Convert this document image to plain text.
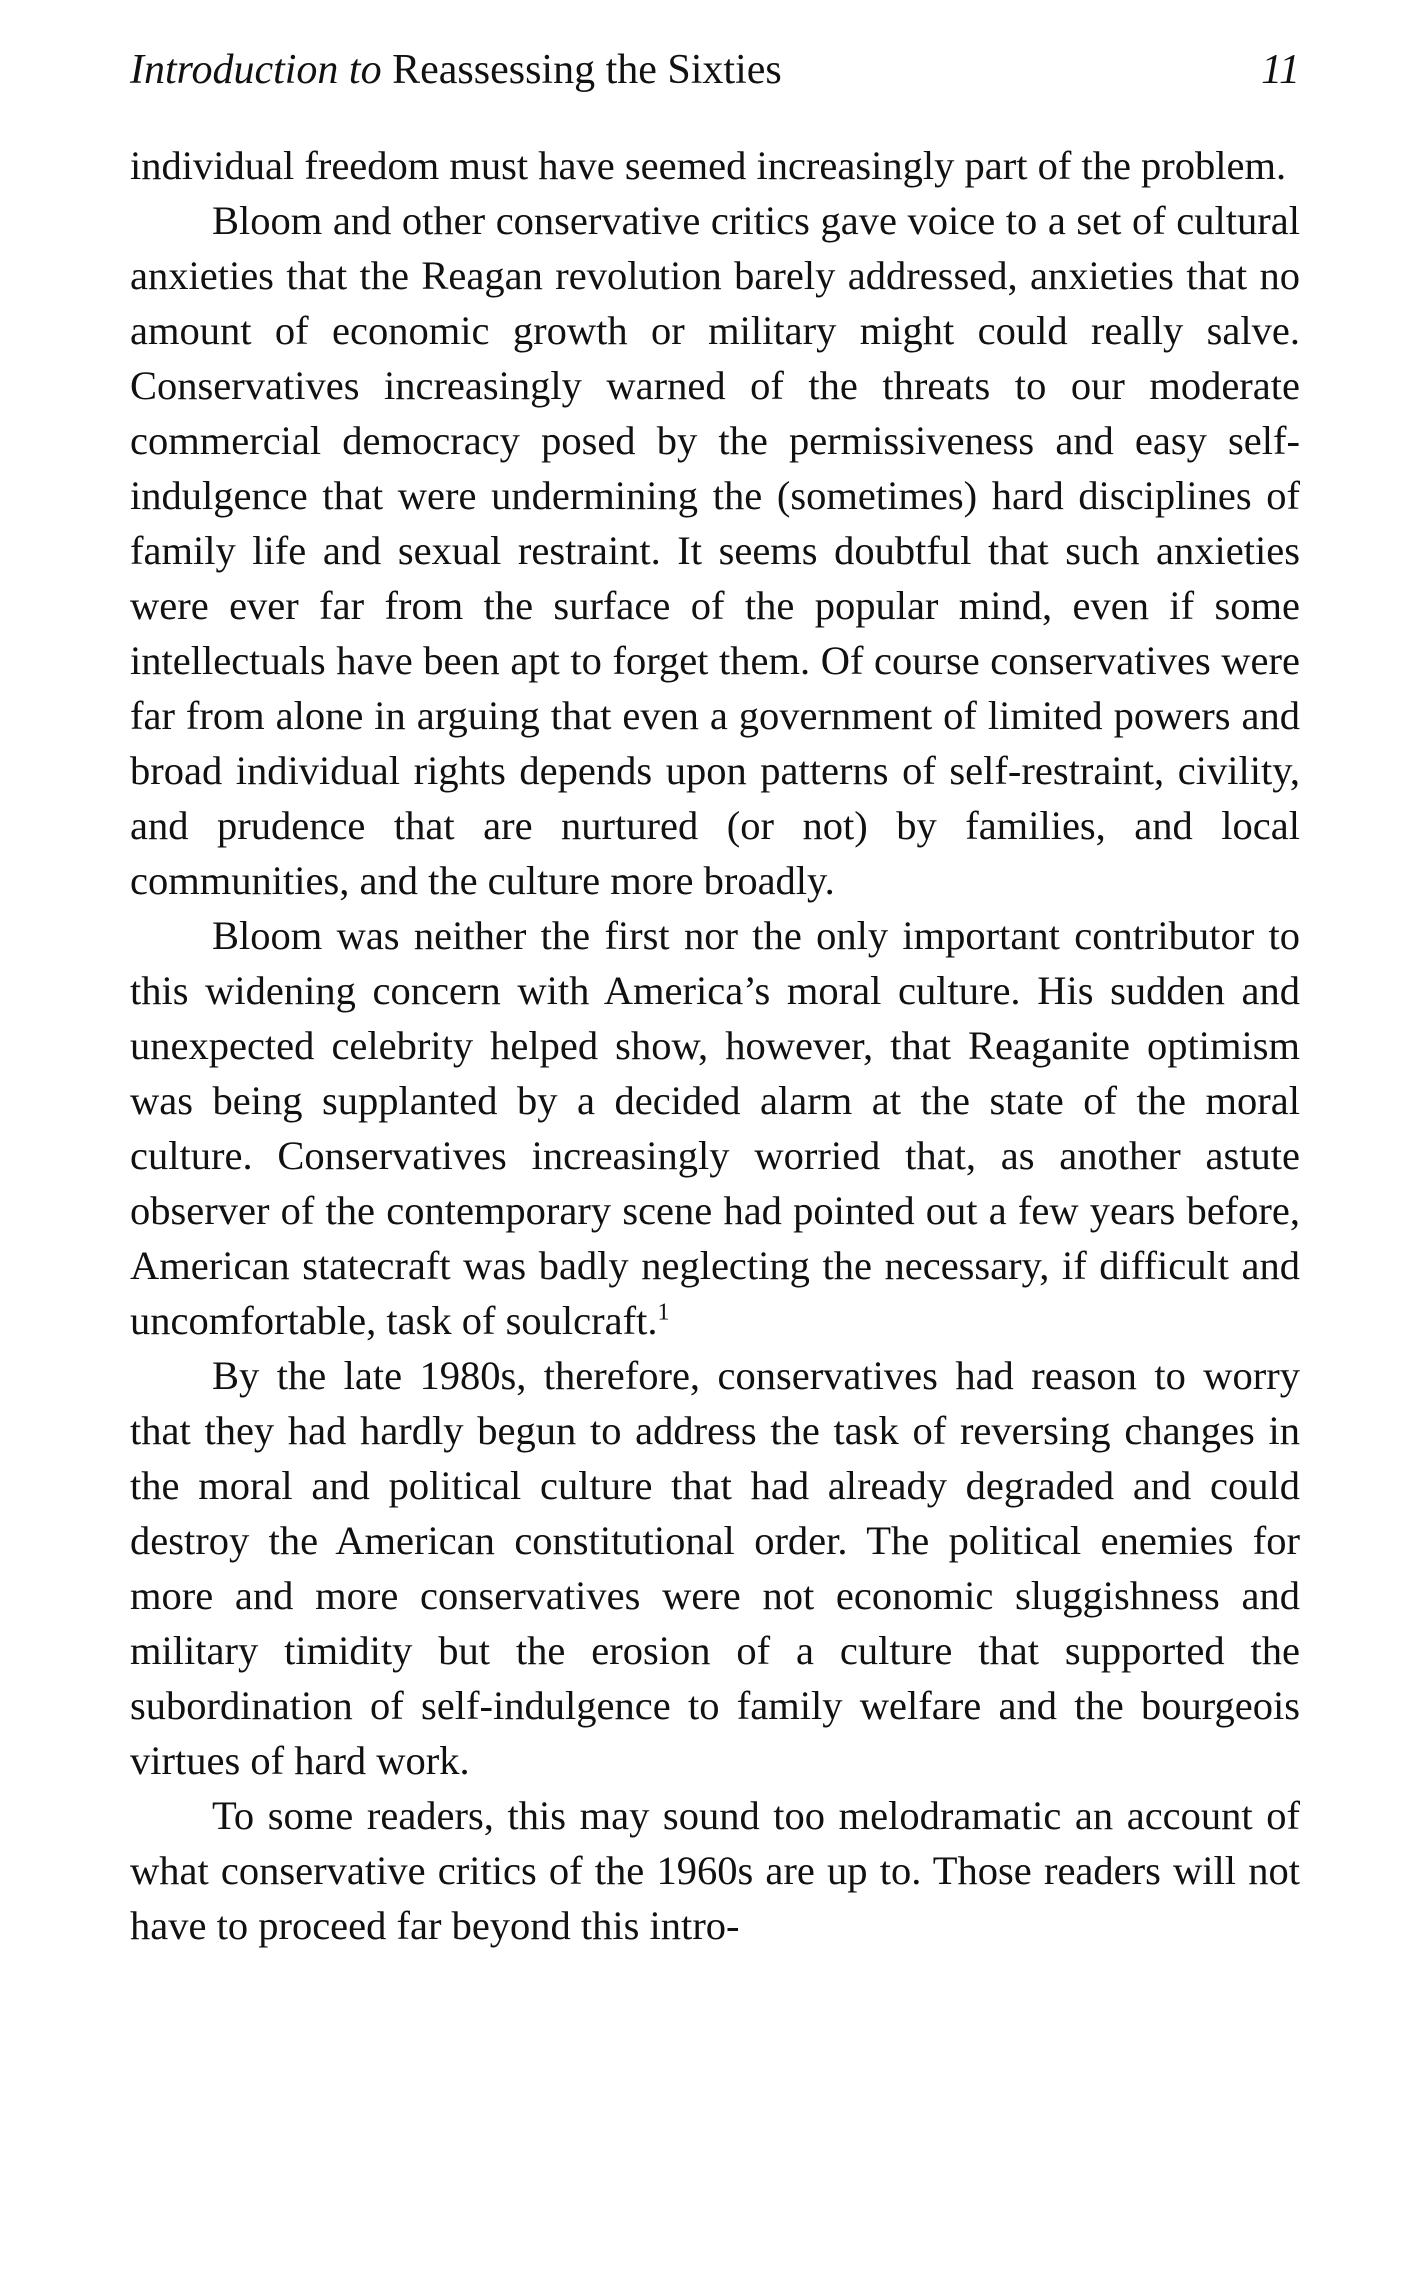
Introduction to Reassessing the Sixties	11

individual freedom must have seemed increasingly part of the problem.

Bloom and other conservative critics gave voice to a set of cultural anxieties that the Reagan revolution barely addressed, anxieties that no amount of economic growth or military might could really salve. Conservatives increasingly warned of the threats to our moderate commercial democracy posed by the permissiveness and easy self-indulgence that were undermining the (sometimes) hard disciplines of family life and sexual restraint. It seems doubtful that such anxieties were ever far from the surface of the popular mind, even if some intellectuals have been apt to forget them. Of course conservatives were far from alone in arguing that even a government of limited powers and broad individual rights depends upon patterns of self-restraint, civility, and prudence that are nurtured (or not) by families, and local communities, and the culture more broadly.

Bloom was neither the first nor the only important contributor to this widening concern with America’s moral culture. His sudden and unexpected celebrity helped show, however, that Reaganite optimism was being supplanted by a decided alarm at the state of the moral culture. Conservatives increasingly worried that, as another astute observer of the contemporary scene had pointed out a few years before, American statecraft was badly neglecting the necessary, if difficult and uncomfortable, task of soulcraft.$^1$

By the late 1980s, therefore, conservatives had reason to worry that they had hardly begun to address the task of reversing changes in the moral and political culture that had already degraded and could destroy the American constitutional order. The political enemies for more and more conservatives were not economic sluggishness and military timidity but the erosion of a culture that supported the subordination of self-indulgence to family welfare and the bourgeois virtues of hard work.

To some readers, this may sound too melodramatic an account of what conservative critics of the 1960s are up to. Those readers will not have to proceed far beyond this intro-
